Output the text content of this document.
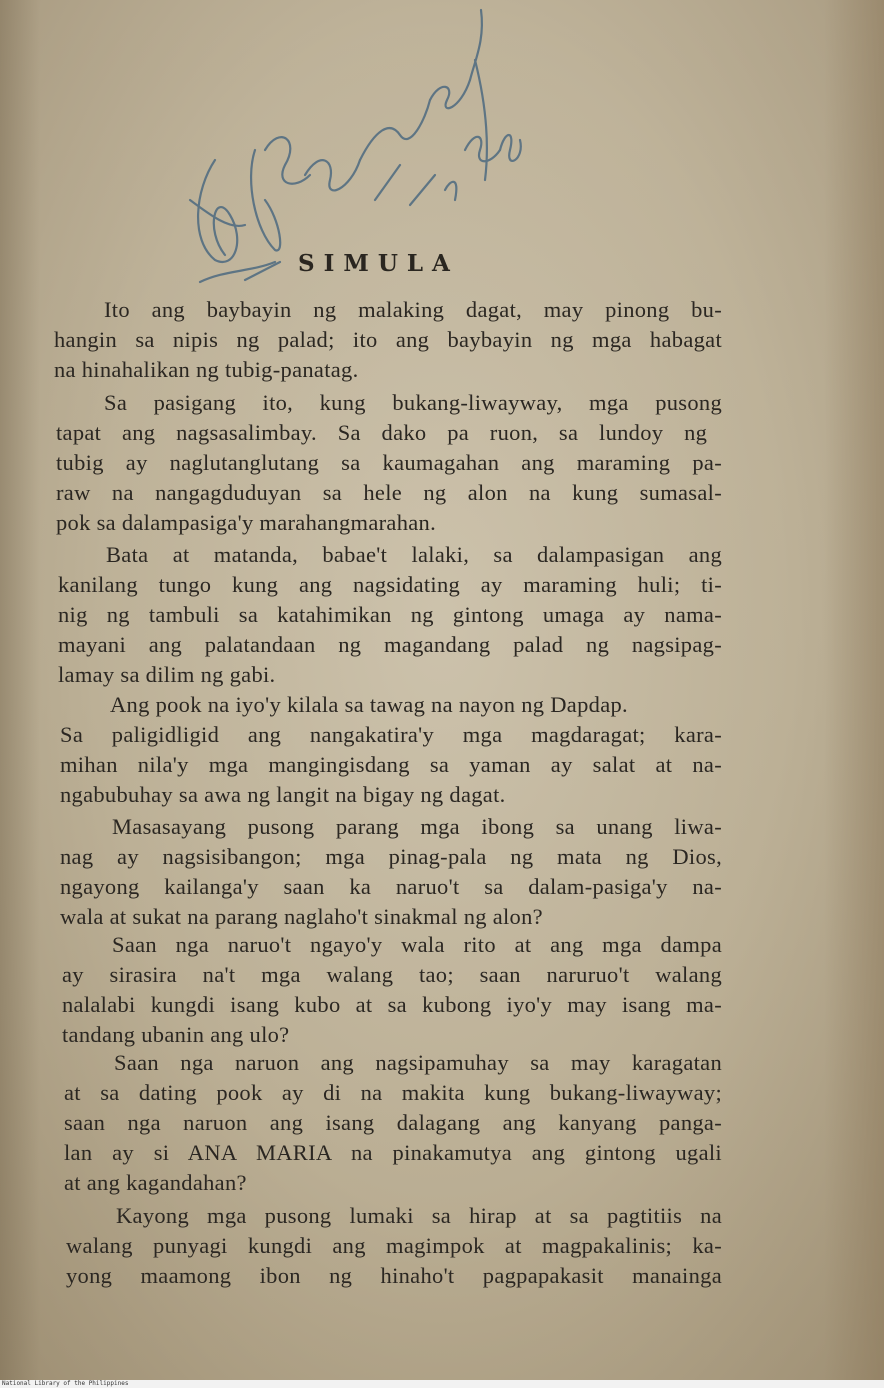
SIMULA
Ito ang baybayin ng malaking dagat, may pinong bu-
hangin sa nipis ng palad; ito ang baybayin ng mga habagat
na hinahalikan ng tubig-panatag.
Sa pasigang ito, kung bukang-liwayway, mga pusong
tapat ang nagsasalimbay. Sa dako pa ruon, sa lundoy ng
tubig ay naglutanglutang sa kaumagahan ang maraming pa-
raw na nangagduduyan sa hele ng alon na kung sumasal-
pok sa dalampasiga'y marahangmarahan.
Bata at matanda, babae't lalaki, sa dalampasigan ang
kanilang tungo kung ang nagsidating ay maraming huli; ti-
nig ng tambuli sa katahimikan ng gintong umaga ay nama-
mayani ang palatandaan ng magandang palad ng nagsipag-
lamay sa dilim ng gabi.
Ang pook na iyo'y kilala sa tawag na nayon ng Dapdap.
Sa paligidligid ang nangakatira'y mga magdaragat; kara-
mihan nila'y mga mangingisdang sa yaman ay salat at na-
ngabubuhay sa awa ng langit na bigay ng dagat.
Masasayang pusong parang mga ibong sa unang liwa-
nag ay nagsisibangon; mga pinag-pala ng mata ng Dios,
ngayong kailanga'y saan ka naruo't sa dalam-pasiga'y na-
wala at sukat na parang naglaho't sinakmal ng alon?
Saan nga naruo't ngayo'y wala rito at ang mga dampa
ay sirasira na't mga walang tao; saan naruruo't walang
nalalabi kungdi isang kubo at sa kubong iyo'y may isang ma-
tandang ubanin ang ulo?
Saan nga naruon ang nagsipamuhay sa may karagatan
at sa dating pook ay di na makita kung bukang-liwayway;
saan nga naruon ang isang dalagang ang kanyang panga-
lan ay si ANA MARIA na pinakamutya ang gintong ugali
at ang kagandahan?
Kayong mga pusong lumaki sa hirap at sa pagtitiis na
walang punyagi kungdi ang magimpok at magpakalinis; ka-
yong maamong ibon ng hinaho't pagpapakasit manainga
National Library of the Philippines
